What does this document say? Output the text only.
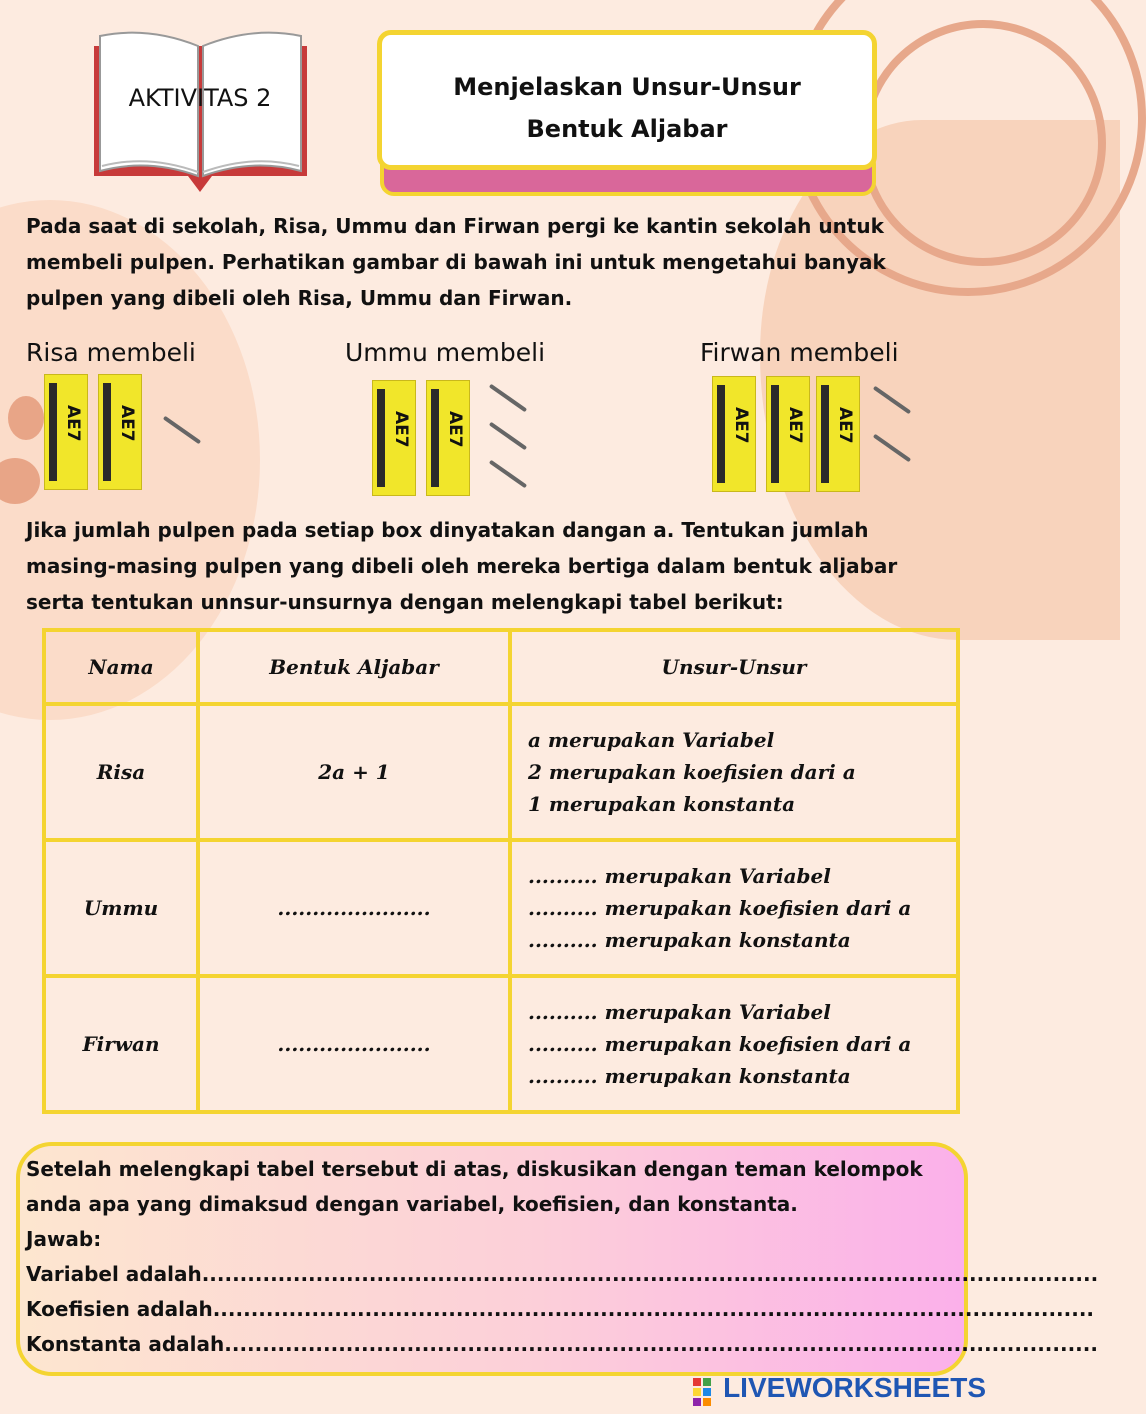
AKTIVITAS 2	Menjelaskan Unsur-Unsur
Bentuk Aljabar
Pada saat di sekolah, Risa, Ummu dan Firwan pergi ke kantin sekolah untuk
membeli pulpen. Perhatikan gambar di bawah ini untuk mengetahui banyak
pulpen yang dibeli oleh Risa, Ummu dan Firwan.
Risa membeli	Ummu membeli	Firwan membeli
AE7 AE7	AE7 AE7	AE7 AE7 AE7
Jika jumlah pulpen pada setiap box dinyatakan dangan a. Tentukan jumlah
masing-masing pulpen yang dibeli oleh mereka bertiga dalam bentuk aljabar
serta tentukan unnsur-unsurnya dengan melengkapi tabel berikut:
Nama	Bentuk Aljabar	Unsur-Unsur
Risa	2a + 1	a merupakan Variabel
2 merupakan koefisien dari a
1 merupakan konstanta

Ummu	......................	.......... merupakan Variabel
.......... merupakan koefisien dari a
.......... merupakan konstanta

Firwan	......................	.......... merupakan Variabel
.......... merupakan koefisien dari a
.......... merupakan konstanta
Setelah melengkapi tabel tersebut di atas, diskusikan dengan teman kelompok
anda apa yang dimaksud dengan variabel, koefisien, dan konstanta.
Jawab:
Variabel adalah......................................................................................................................
Koefisien adalah....................................................................................................................
Konstanta adalah...................................................................................................................
LIVEWORKSHEETS
